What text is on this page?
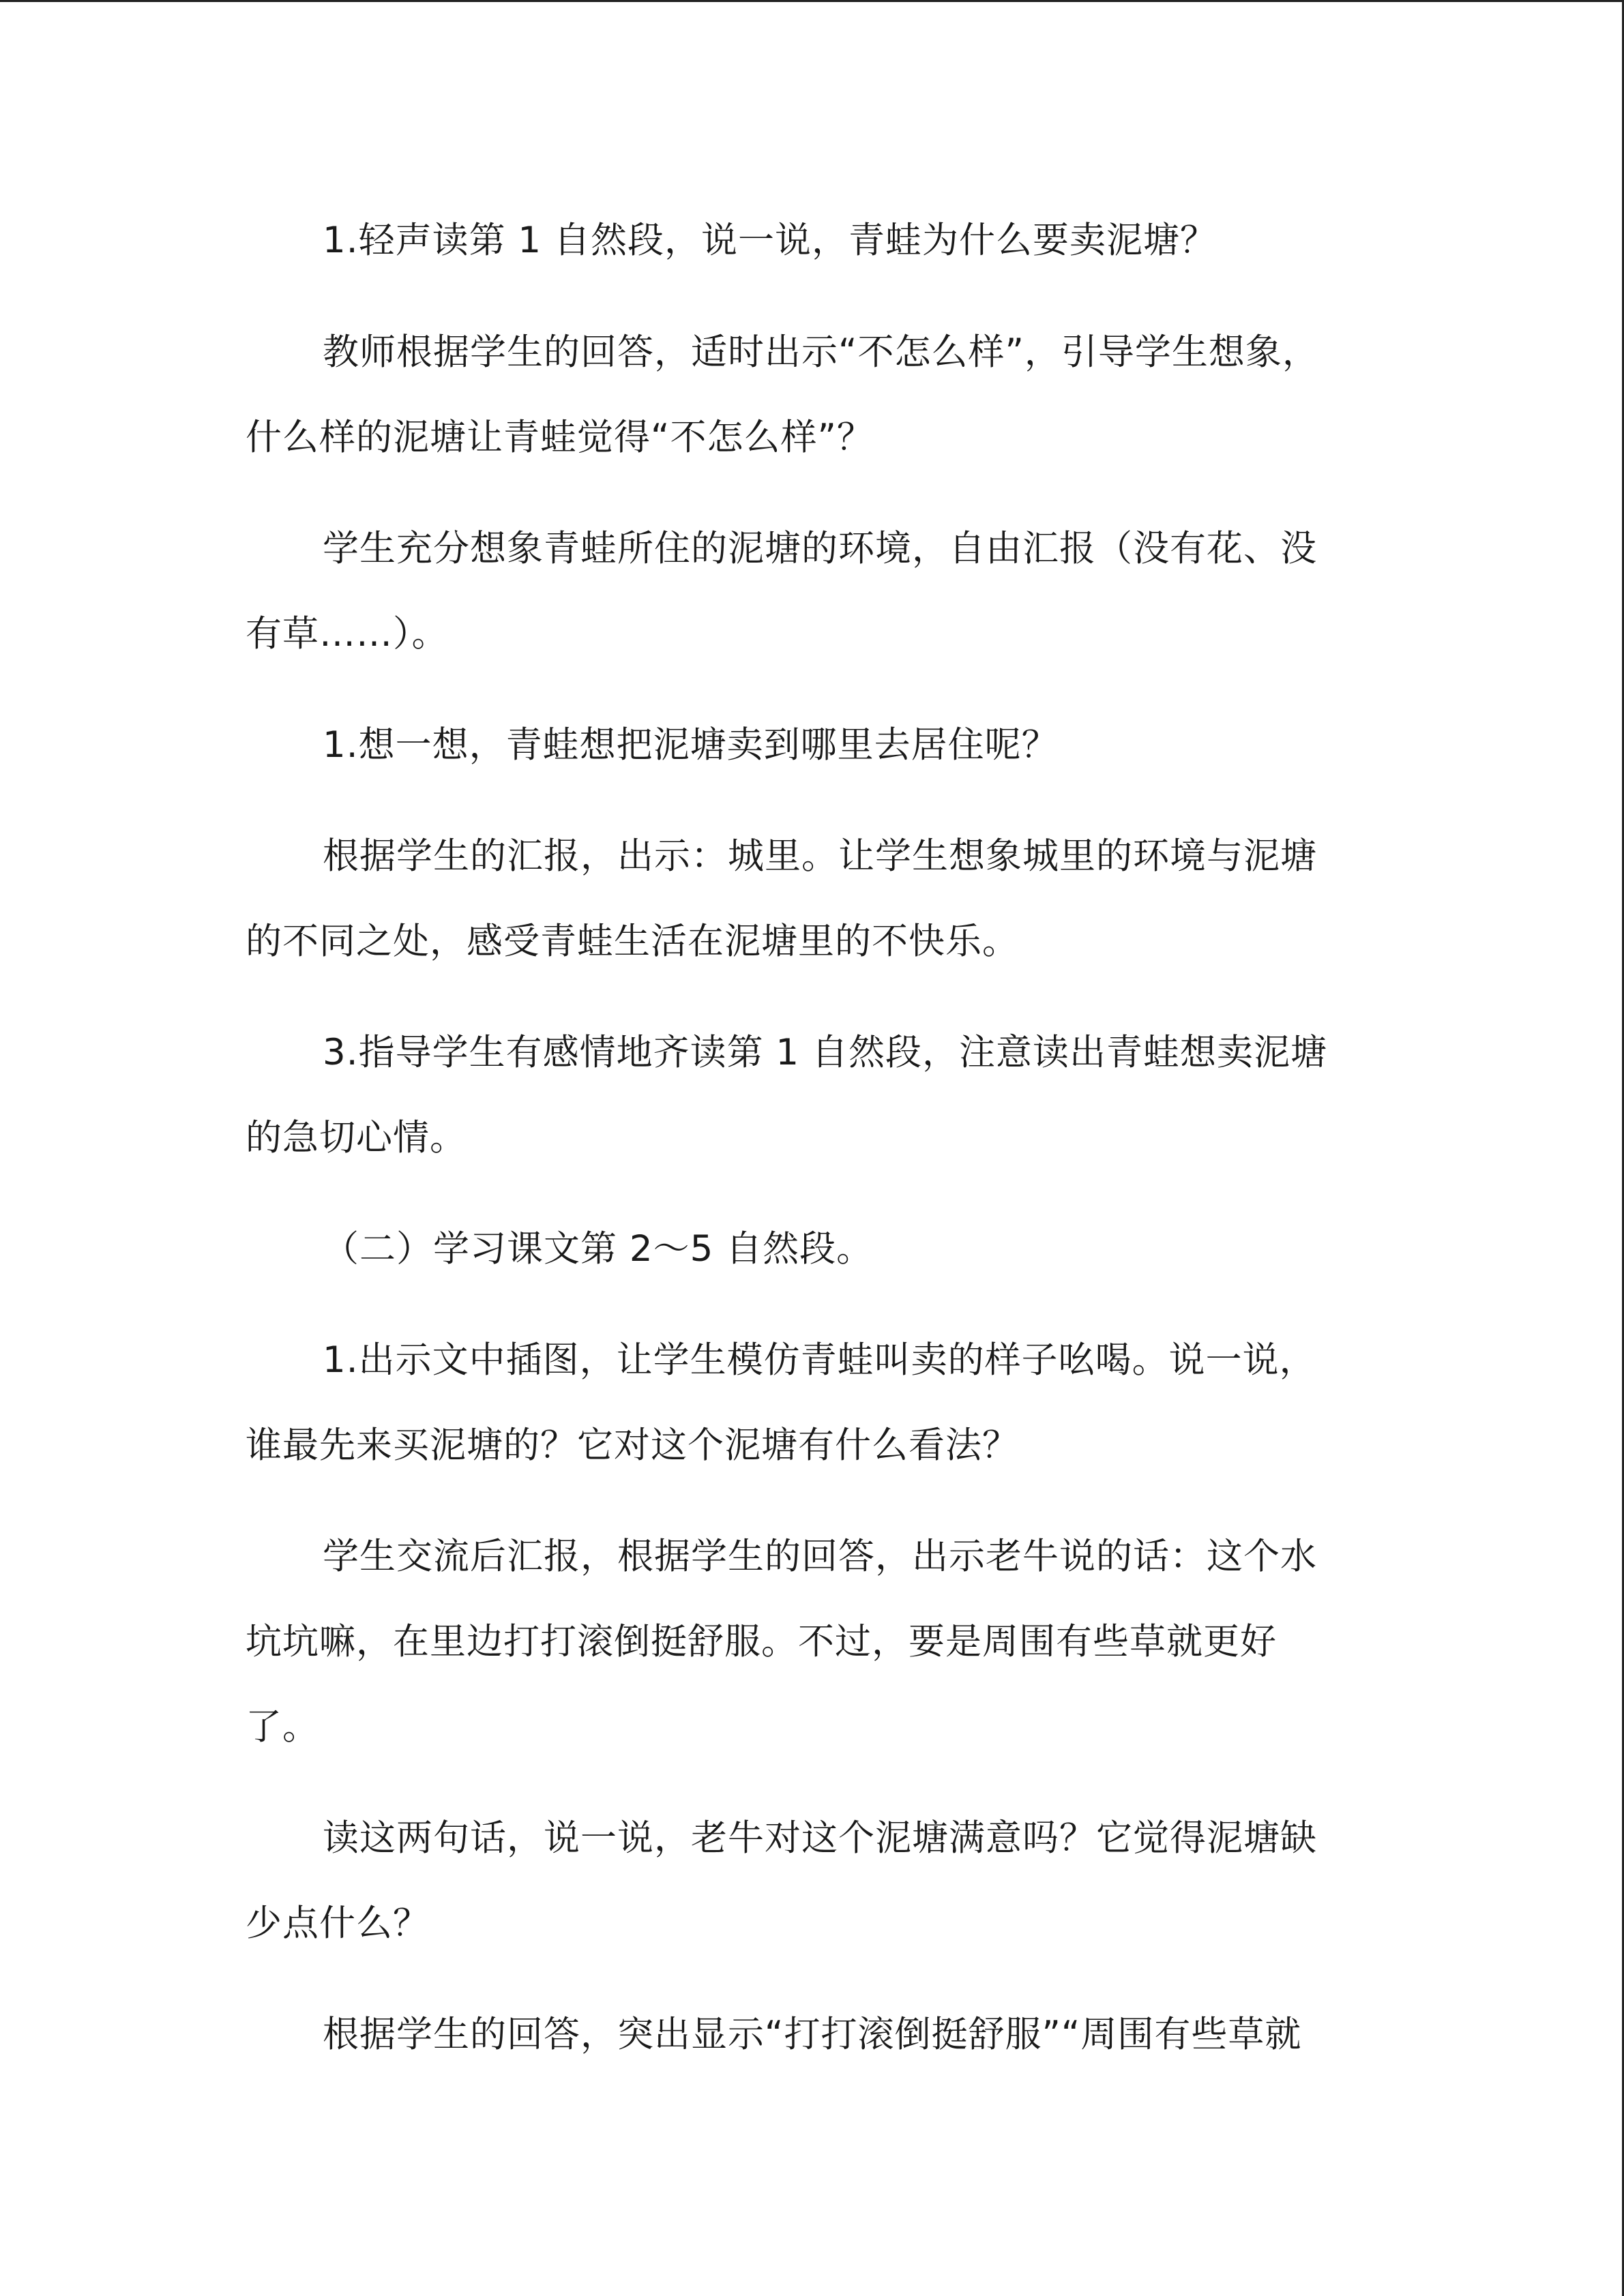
1.轻声读第 1 自然段，说一说，青蛙为什么要卖泥塘？
教师根据学生的回答，适时出示“不怎么样”，引导学生想象，
什么样的泥塘让青蛙觉得“不怎么样”？
学生充分想象青蛙所住的泥塘的环境，自由汇报（没有花、没
有草……）。
1.想一想，青蛙想把泥塘卖到哪里去居住呢？
根据学生的汇报，出示：城里。让学生想象城里的环境与泥塘
的不同之处，感受青蛙生活在泥塘里的不快乐。
3.指导学生有感情地齐读第 1 自然段，注意读出青蛙想卖泥塘
的急切心情。
（二）学习课文第 2～5 自然段。
1.出示文中插图，让学生模仿青蛙叫卖的样子吆喝。说一说，
谁最先来买泥塘的？它对这个泥塘有什么看法？
学生交流后汇报，根据学生的回答，出示老牛说的话：这个水
坑坑嘛，在里边打打滚倒挺舒服。不过，要是周围有些草就更好
了。
读这两句话，说一说，老牛对这个泥塘满意吗？它觉得泥塘缺
少点什么？
根据学生的回答，突出显示“打打滚倒挺舒服”“周围有些草就
